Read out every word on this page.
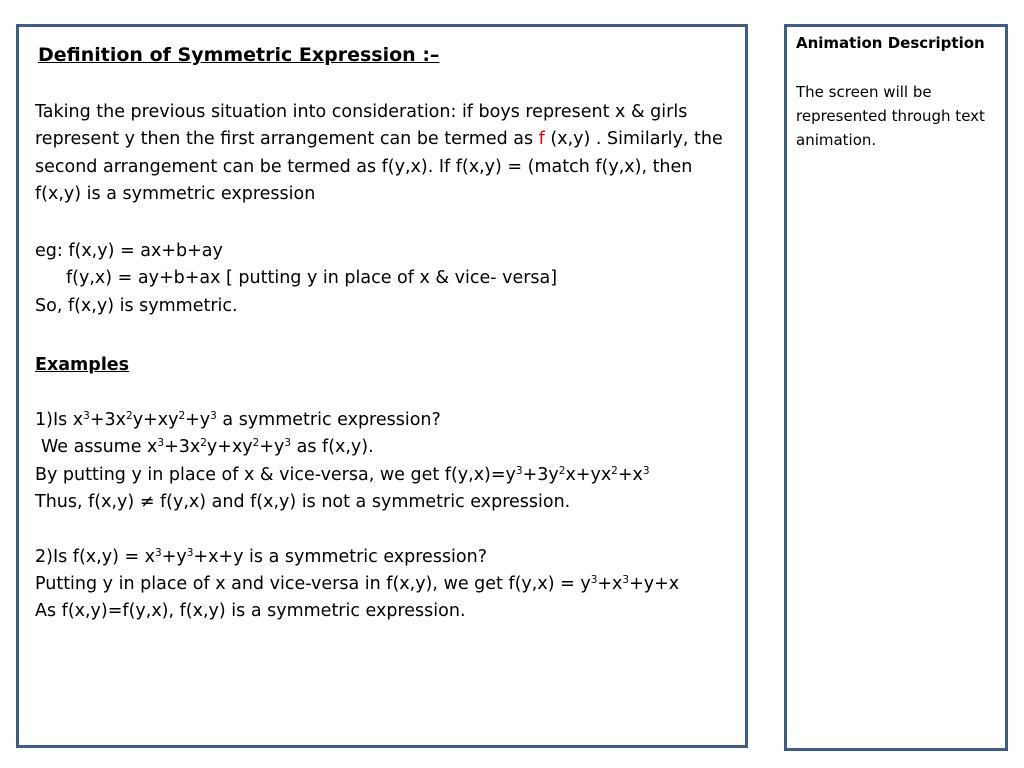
Definition of Symmetric Expression :–

Taking the previous situation into consideration: if boys represent x & girls represent y then the first arrangement can be termed as f (x,y) . Similarly, the second arrangement can be termed as f(y,x). If f(x,y) = (match f(y,x), then f(x,y) is a symmetric expression

eg: f(x,y) = ax+b+ay

f(y,x) = ay+b+ax [ putting y in place of x & vice- versa]

So, f(x,y) is symmetric.

Examples

1)Is $x^3+3x^2y+xy^2+y^3$ a symmetric expression?

We assume $x^3+3x^2y+xy^2+y^3$ as f(x,y).

By putting y in place of x & vice-versa, we get $f(y,x)=y^3+3y^2x+yx^2+x^3$

Thus, f(x,y) ≠ f(y,x) and f(x,y) is not a symmetric expression.

2)Is $f(x,y) = x^3+y^3+x+y$ is a symmetric expression?

Putting y in place of x and vice-versa in f(x,y), we get $f(y,x) = y^3+x^3+y+x$

As f(x,y)=f(y,x), f(x,y) is a symmetric expression.

Animation Description

The screen will be represented through text animation.
